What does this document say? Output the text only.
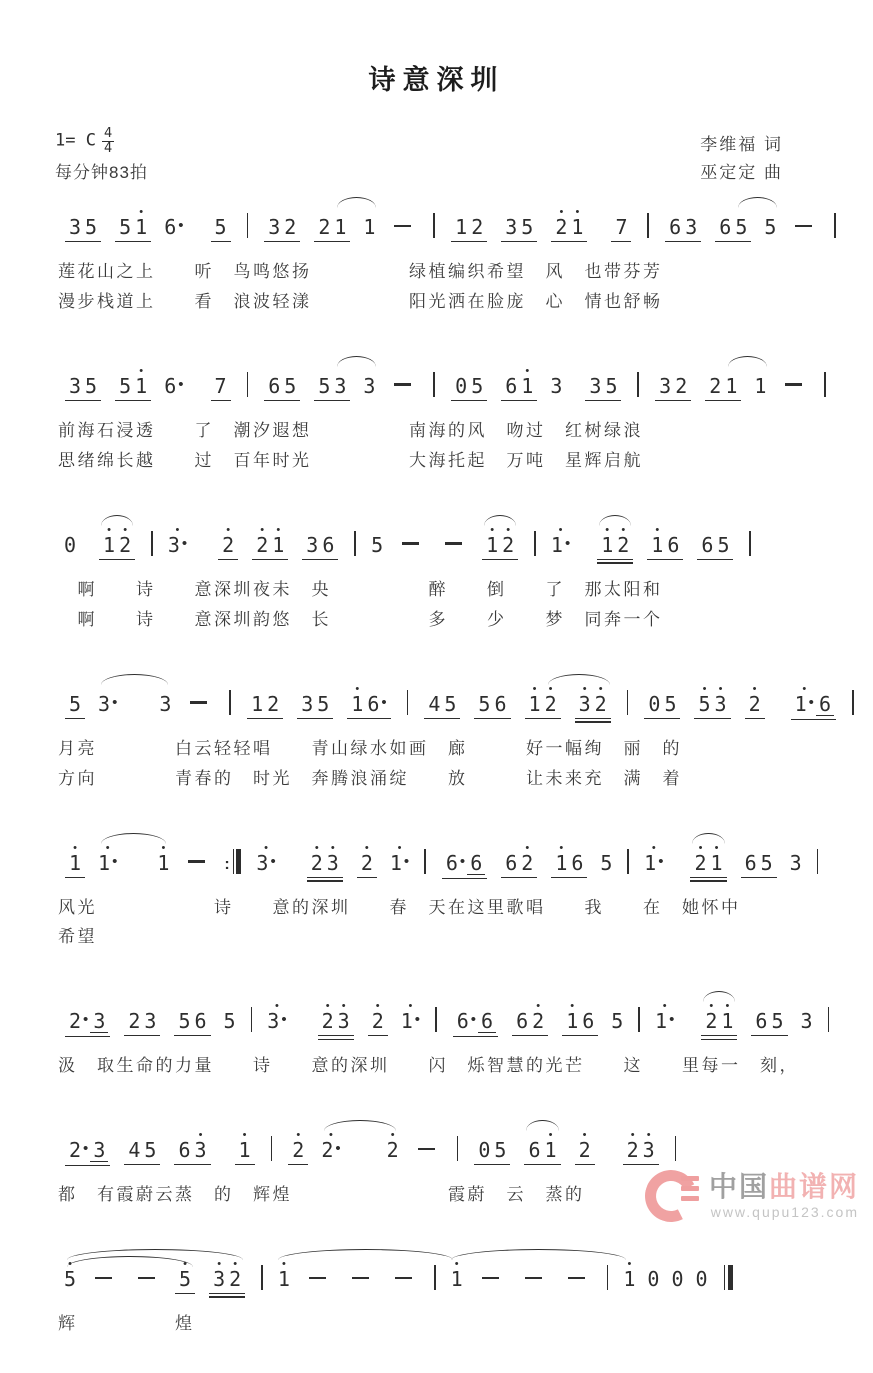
诗意深圳
1= C $\frac{4}{4}$
每分钟83拍
李维福 词
巫定定 曲
3 5 5
•
1 6 • 5 3 2 2 1 1	1 2 3 5
•
2
•
1 7 6 3 6 5 5
莲花山之上　　听　鸟鸣悠扬　　　　　绿植编织希望　风　也带芬芳
漫步栈道上　　看　浪波轻漾　　　　　阳光洒在脸庞　心　情也舒畅
3 5 5
•
1 6 • 7 6 5 5 3 3	0 5 6
•
1 3 3 5 3 2 2 1 1
前海石浸透　　了　潮汐遐想　　　　　南海的风　吻过　红树绿浪
思绪绵长越　　过　百年时光　　　　　大海托起　万吨　星辉启航
0
•
1
•
2
•
3 •
•
2
•
2
•
1 3 6 5
•
1
•
2
•
1 •
•
1
•
2
•
1 6 6 5
　啊　　诗　　意深圳夜未　央　　　　　醉　　倒　　了　那太阳和
　啊　　诗　　意深圳韵悠　长　　　　　多　　少　　梦　同奔一个
5 3 • 3	1 2 3 5
•
1 6 • 4 5 5 6
•
1
•
2
•
3
•
2 0 5
•
5
•
3
•
2
•
1 • 6
月亮　　　　白云轻轻唱　　青山绿水如画　廊　　　好一幅绚　丽　的
方向　　　　青春的　时光　奔腾浪涌绽　　放　　　让未来充　满　着
•
1
•
1 •
•
1	:
•
3 •
•
2
•
3
•
2
•
1 • 6 • 6 6
•
2
•
1 6 5
•
1 •
•
2
•
1 6 5 3
风光　　　　　　诗　　意的深圳　　春　天在这里歌唱　　我　　在　她怀中
希望
2 • 3 2 3 5 6 5
•
3 •
•
2
•
3
•
2
•
1 • 6 • 6 6
•
2
•
1 6 5
•
1 •
•
2
•
1 6 5 3
汲　取生命的力量　　诗　　意的深圳　　闪　烁智慧的光芒　　这　　里每一　刻，
2 • 3 4 5 6
•
3
•
1
•
2
•
2 •
•
2	0 5 6
•
1
•
2
•
2
•
3
都　有霞蔚云蒸　的　辉煌　　　　　　　　霞蔚　云　蒸的
•
5
•
5
•
3
•
2
•
1
•
1
•
1 0 0 0
辉　　　　　煌
中国曲谱网
www.qupu123.com
